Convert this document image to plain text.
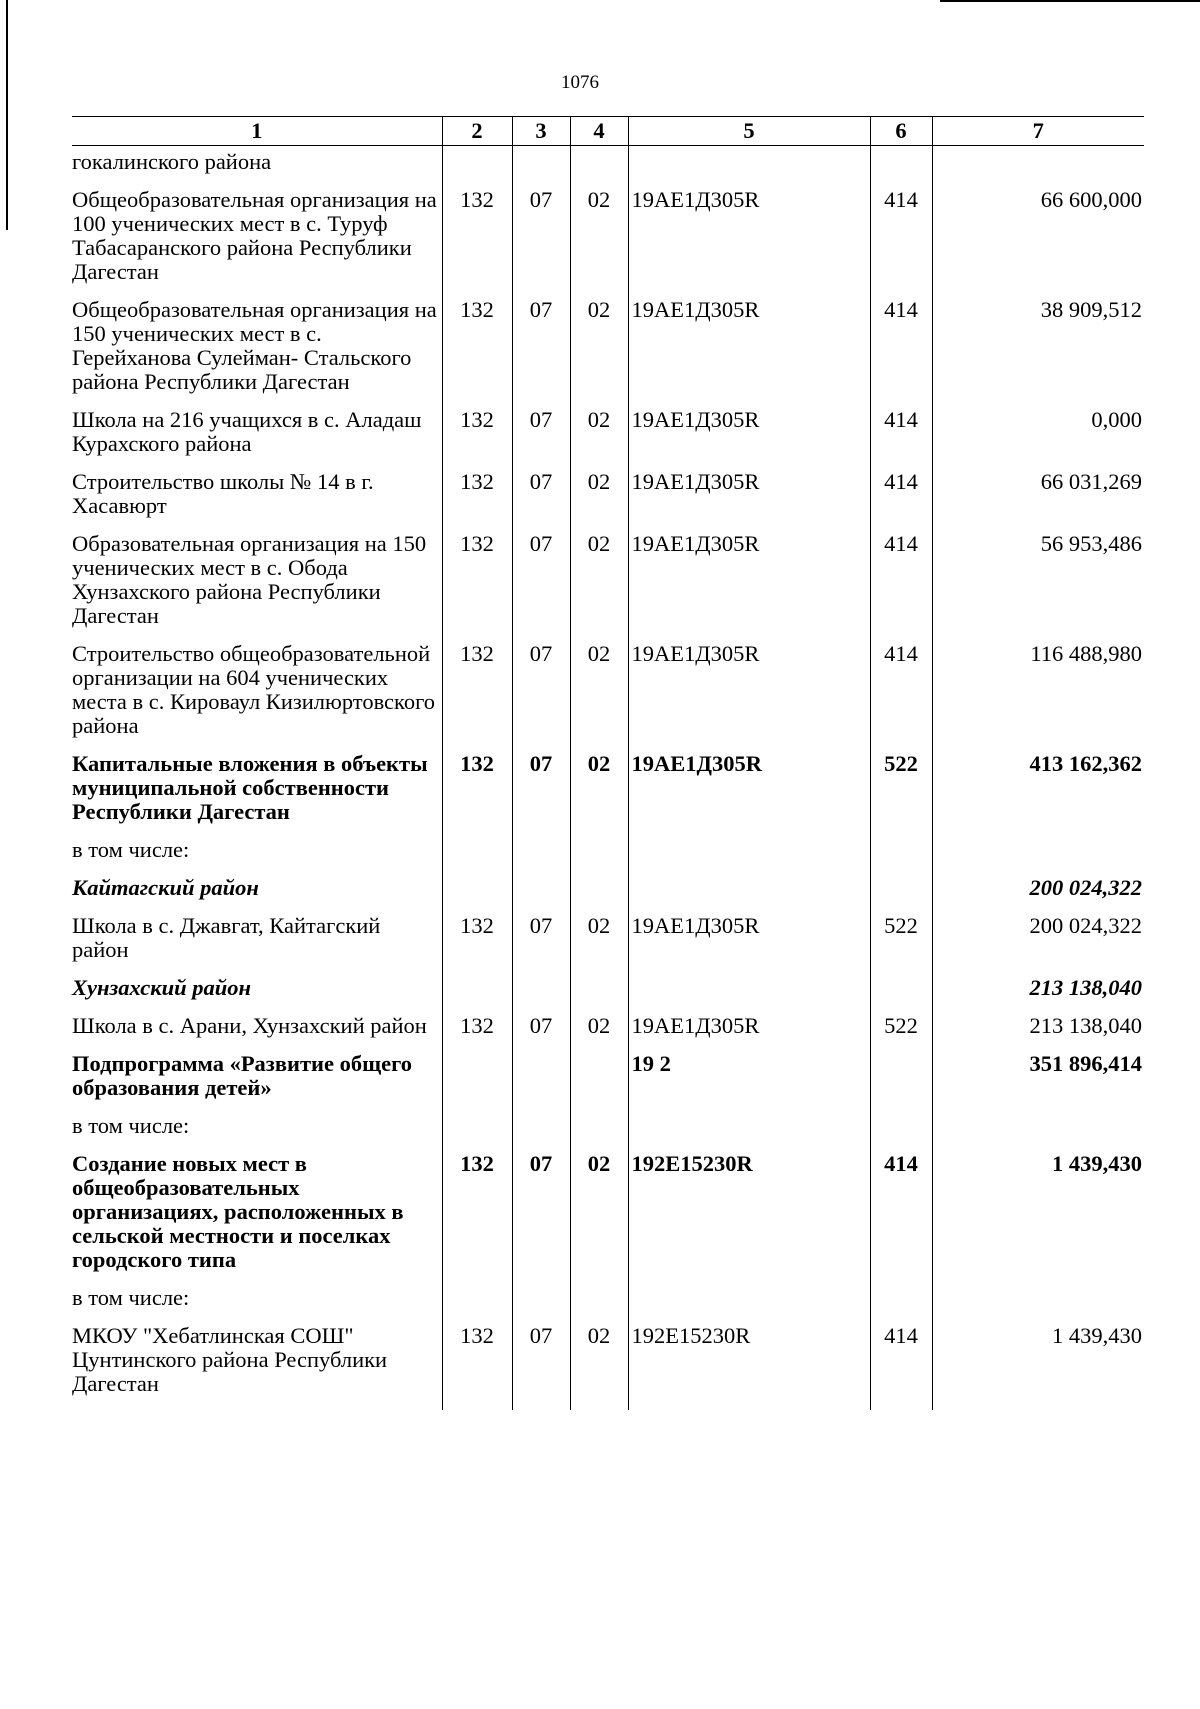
1076
1	2	3	4	5	6	7
гокалинского района						
Общеобразовательная организация на 100 ученических мест в с. Туруф Табасаранского района Республики Дагестан	132	07	02	19АЕ1Д305R	414	66 600,000
Общеобразовательная организация на 150 ученических мест в с. Герейханова Сулейман- Стальского района Республики Дагестан	132	07	02	19АЕ1Д305R	414	38 909,512
Школа на 216 учащихся в с. Аладаш Курахского района	132	07	02	19АЕ1Д305R	414	0,000
Строительство школы № 14 в г. Хасавюрт	132	07	02	19АЕ1Д305R	414	66 031,269
Образовательная организация на 150 ученических мест в с. Обода Хунзахского района Республики Дагестан	132	07	02	19АЕ1Д305R	414	56 953,486
Строительство общеобразовательной организации на 604 ученических места в с. Кироваул Кизилюртовского района	132	07	02	19АЕ1Д305R	414	116 488,980
Капитальные вложения в объекты муниципальной собственности Республики Дагестан	132	07	02	19АЕ1Д305R	522	413 162,362
в том числе:						
Кайтагский район						200 024,322
Школа в с. Джавгат, Кайтагский район	132	07	02	19АЕ1Д305R	522	200 024,322
Хунзахский район						213 138,040
Школа в с. Арани, Хунзахский район	132	07	02	19АЕ1Д305R	522	213 138,040
Подпрограмма «Развитие общего образования детей»				19 2		351 896,414
в том числе:						
Создание новых мест в общеобразовательных организациях, расположенных в сельской местности и поселках городского типа	132	07	02	192E15230R	414	1 439,430
в том числе:						
МКОУ "Хебатлинская СОШ" Цунтинского района Республики Дагестан	132	07	02	192E15230R	414	1 439,430
